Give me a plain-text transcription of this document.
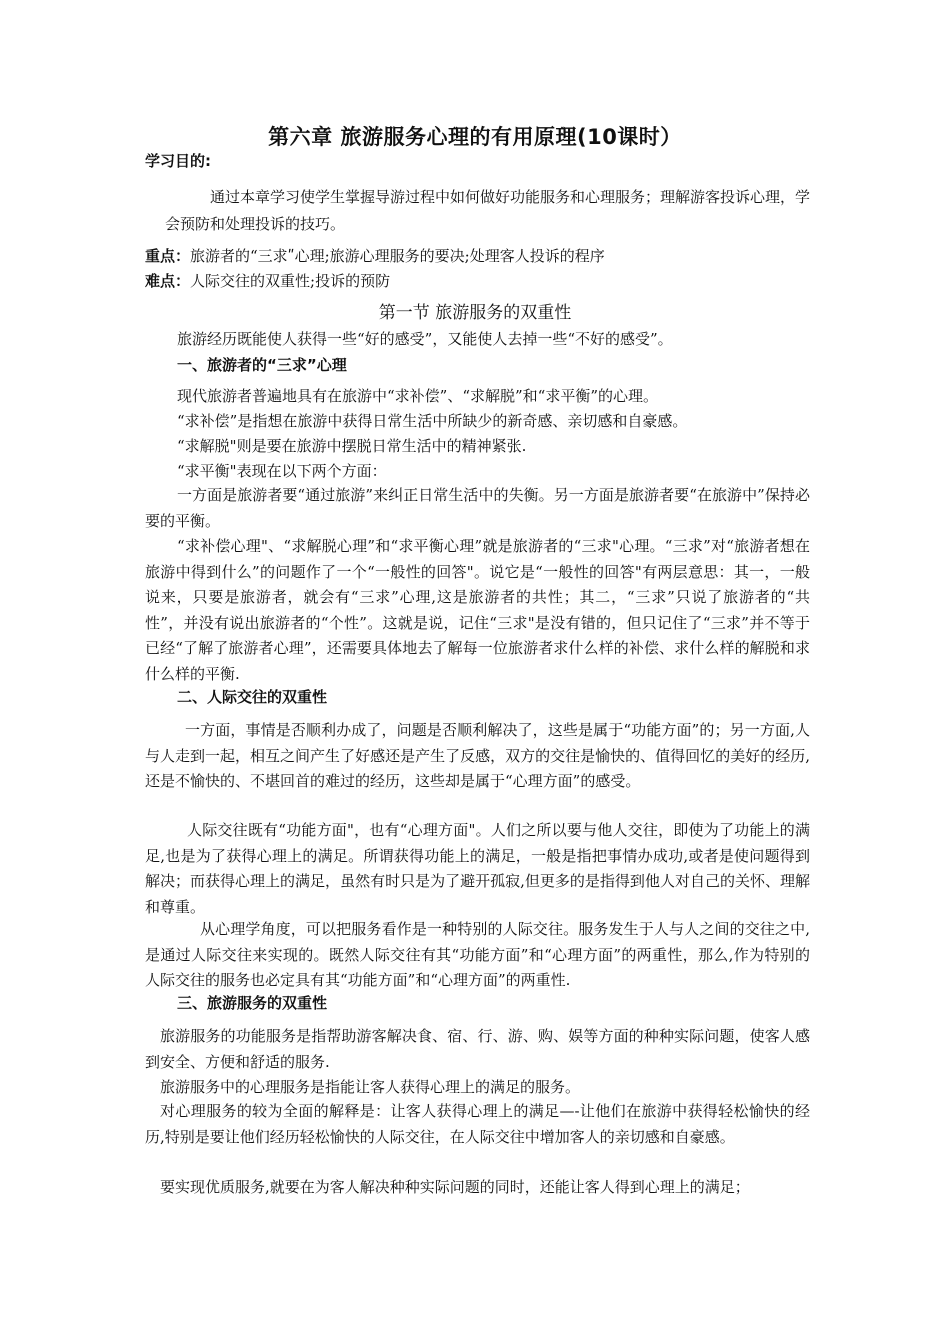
第六章 旅游服务心理的有用原理(10课时）
学习目的:
通过本章学习使学生掌握导游过程中如何做好功能服务和心理服务；理解游客投诉心理，学会预防和处理投诉的技巧。
重点：旅游者的“三求ʺ心理;旅游心理服务的要决;处理客人投诉的程序
难点：人际交往的双重性;投诉的预防
第一节 旅游服务的双重性
旅游经历既能使人获得一些“好的感受”，又能使人去掉一些“不好的感受”。
一、旅游者的“三求”心理
现代旅游者普遍地具有在旅游中“求补偿”、“求解脱”和“求平衡”的心理。
“求补偿”是指想在旅游中获得日常生活中所缺少的新奇感、亲切感和自豪感。
“求解脱"则是要在旅游中摆脱日常生活中的精神紧张.
“求平衡"表现在以下两个方面：
一方面是旅游者要“通过旅游”来纠正日常生活中的失衡。另一方面是旅游者要“在旅游中”保持必要的平衡。
“求补偿心理"、“求解脱心理”和“求平衡心理”就是旅游者的“三求"心理。“三求”对“旅游者想在旅游中得到什么”的问题作了一个“一般性的回答"。说它是“一般性的回答"有两层意思：其一，一般说来，只要是旅游者，就会有“三求”心理,这是旅游者的共性；其二，“三求”只说了旅游者的“共性”，并没有说出旅游者的“个性”。这就是说，记住“三求"是没有错的，但只记住了“三求”并不等于已经“了解了旅游者心理”，还需要具体地去了解每一位旅游者求什么样的补偿、求什么样的解脱和求什么样的平衡.
二、人际交往的双重性
一方面，事情是否顺利办成了，问题是否顺利解决了，这些是属于“功能方面”的；另一方面,人与人走到一起，相互之间产生了好感还是产生了反感，双方的交往是愉快的、值得回忆的美好的经历,还是不愉快的、不堪回首的难过的经历，这些却是属于“心理方面”的感受。
人际交往既有“功能方面"，也有“心理方面"。人们之所以要与他人交往，即使为了功能上的满足,也是为了获得心理上的满足。所谓获得功能上的满足，一般是指把事情办成功,或者是使问题得到解决；而获得心理上的满足，虽然有时只是为了避开孤寂,但更多的是指得到他人对自己的关怀、理解和尊重。
从心理学角度，可以把服务看作是一种特别的人际交往。服务发生于人与人之间的交往之中,是通过人际交往来实现的。既然人际交往有其“功能方面”和“心理方面”的两重性，那么,作为特别的人际交往的服务也必定具有其“功能方面”和“心理方面”的两重性.
三、旅游服务的双重性
旅游服务的功能服务是指帮助游客解决食、宿、行、游、购、娱等方面的种种实际问题，使客人感到安全、方便和舒适的服务.
旅游服务中的心理服务是指能让客人获得心理上的满足的服务。
对心理服务的较为全面的解释是：让客人获得心理上的满足—-让他们在旅游中获得轻松愉快的经历,特别是要让他们经历轻松愉快的人际交往，在人际交往中增加客人的亲切感和自豪感。
要实现优质服务,就要在为客人解决种种实际问题的同时，还能让客人得到心理上的满足；
